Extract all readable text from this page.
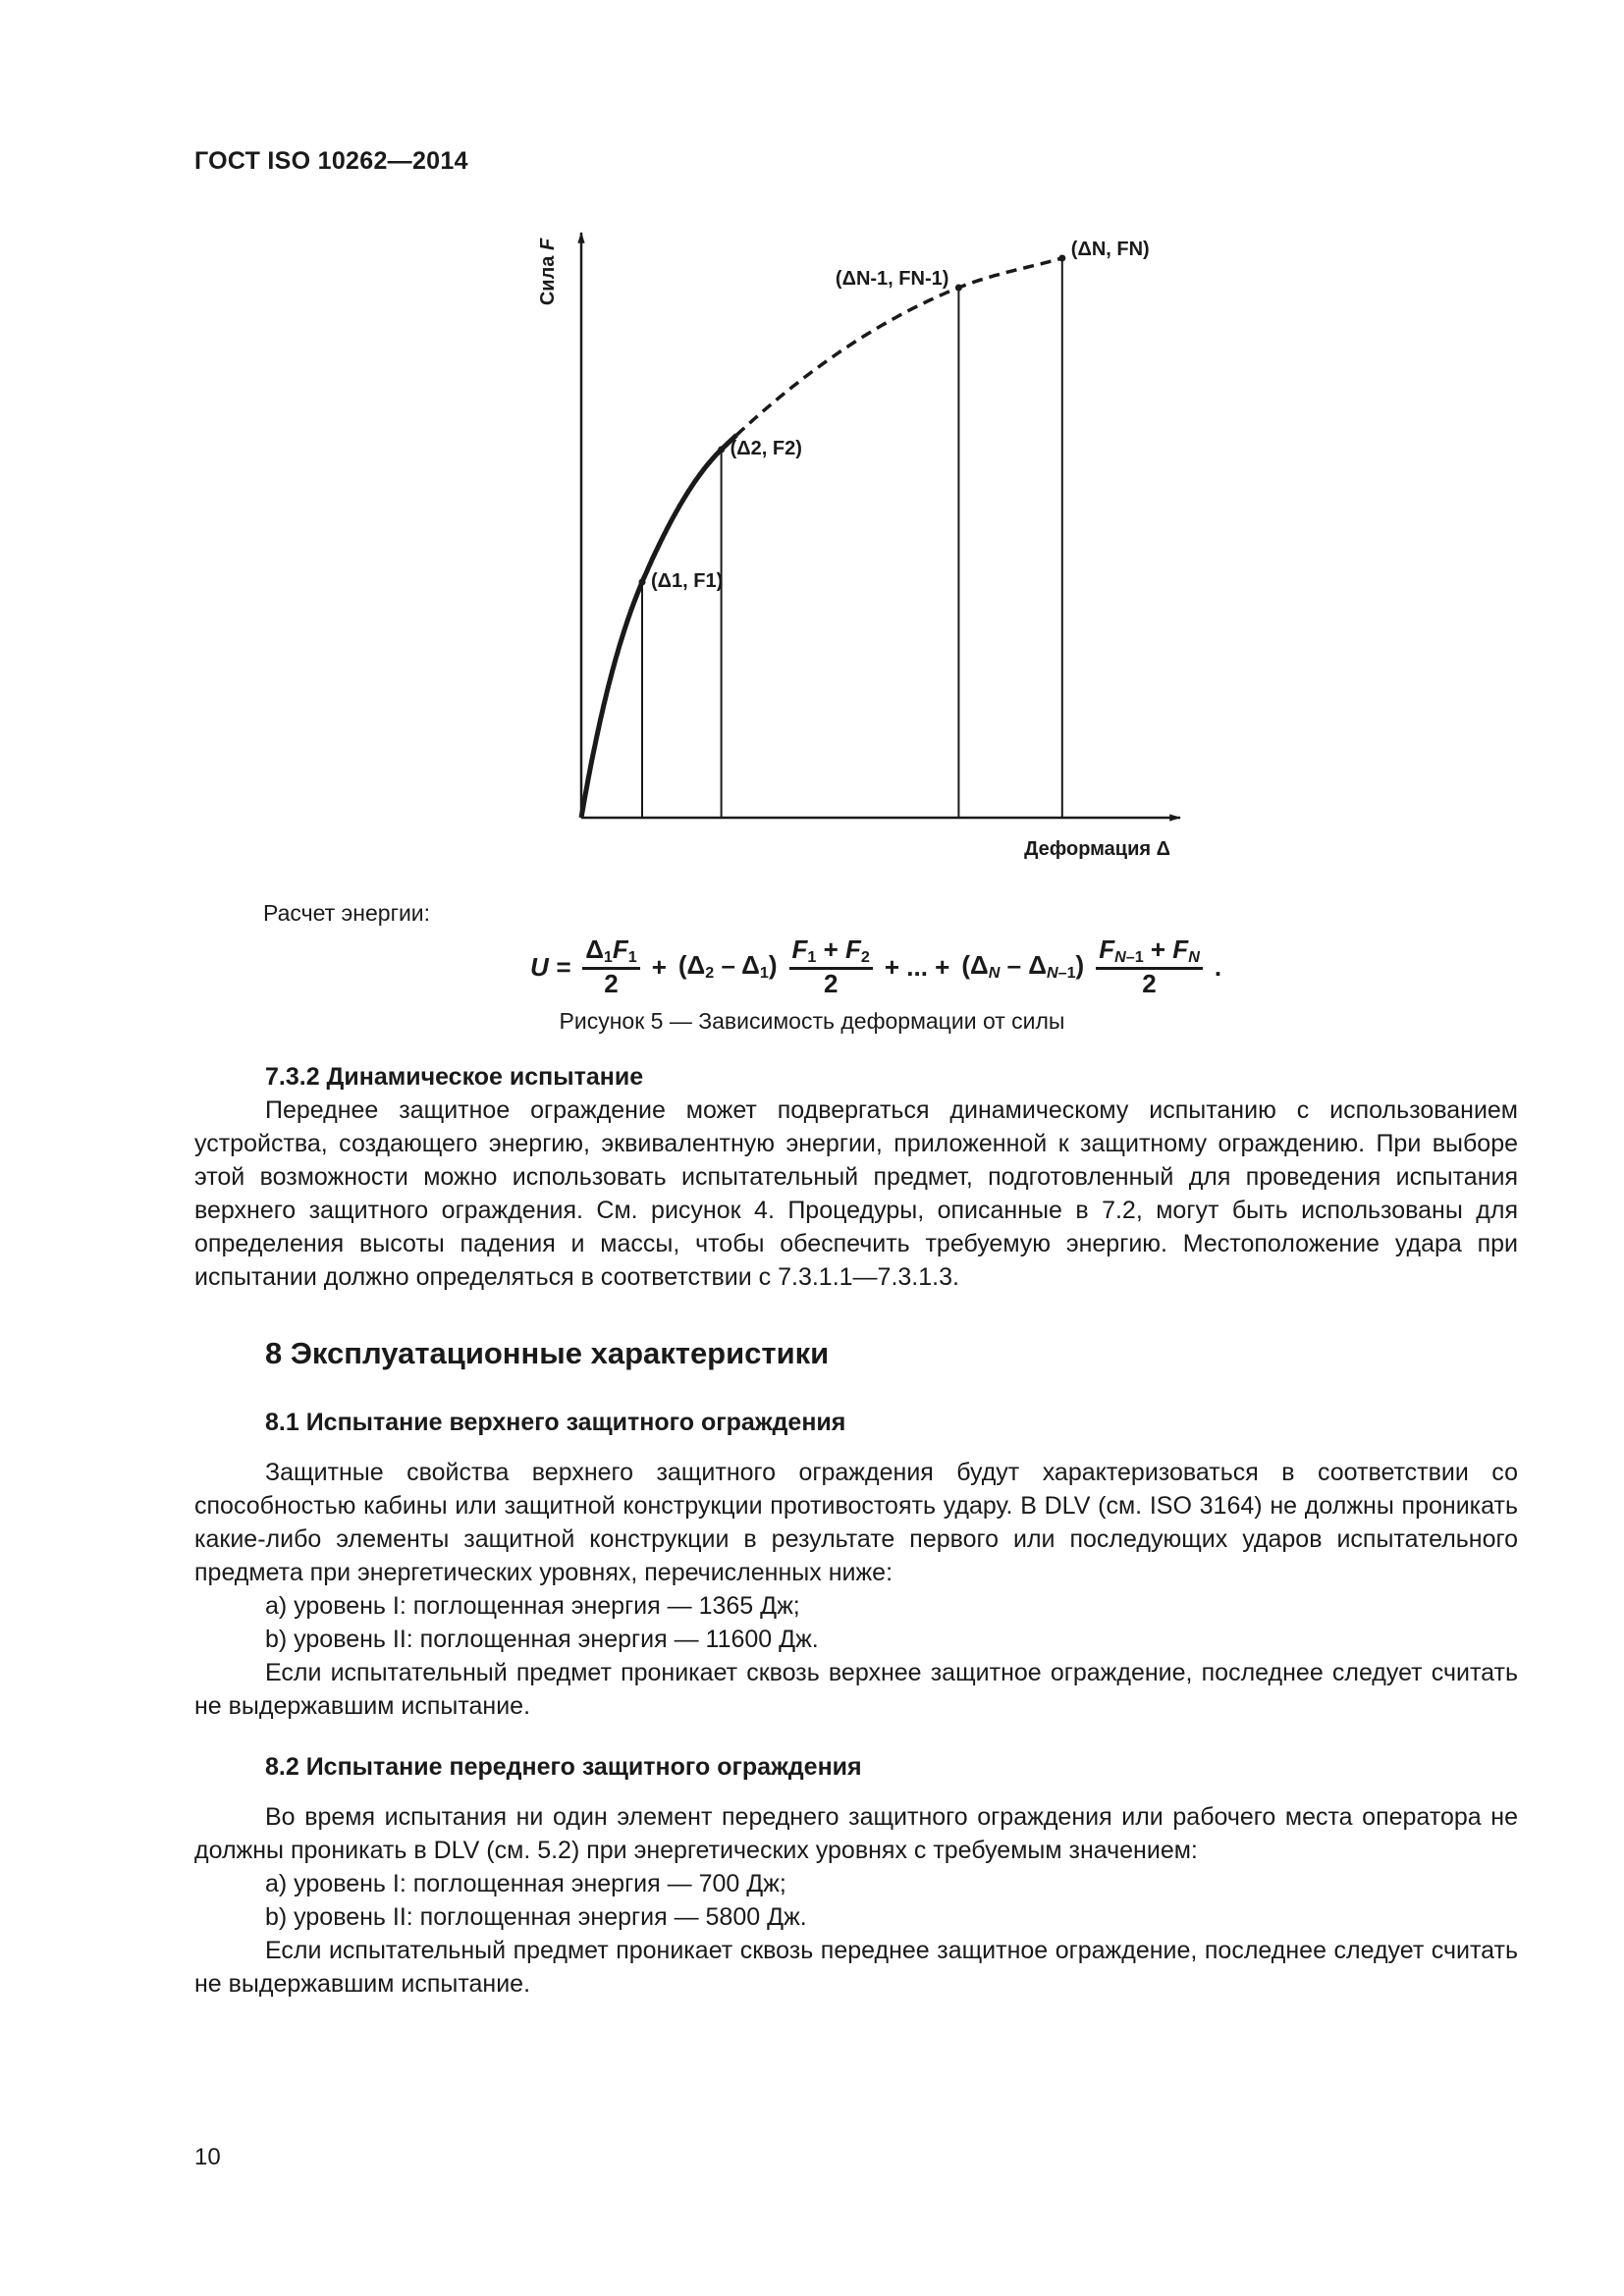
ГОСТ ISO 10262—2014
(Δ1, F1)
(Δ2, F2)
(ΔN-1, FN-1)
(ΔN, FN)
Сила F
Деформация Δ
Расчет энергии:
$U = \frac{\Delta_1F_1}{2} + (\Delta_2 - \Delta_1) \frac{F_1 + F_2}{2}$ + ... + $(\Delta_N - \Delta_{N-1}) \frac{F_{N-1} + F_N}{2}$ .
Рисунок 5 — Зависимость деформации от силы

7.3.2 Динамическое испытание

Переднее защитное ограждение может подвергаться динамическому испытанию с использованием устройства, создающего энергию, эквивалентную энергии, приложенной к защитному ограждению. При выборе этой возможности можно использовать испытательный предмет, подготовленный для проведения испытания верхнего защитного ограждения. См. рисунок 4. Процедуры, описанные в 7.2, могут быть использованы для определения высоты падения и массы, чтобы обеспечить требуемую энергию. Местоположение удара при испытании должно определяться в соответствии с 7.3.1.1—7.3.1.3.

8 Эксплуатационные характеристики

8.1 Испытание верхнего защитного ограждения

Защитные свойства верхнего защитного ограждения будут характеризоваться в соответствии со способностью кабины или защитной конструкции противостоять удару. В DLV (см. ISO 3164) не должны проникать какие-либо элементы защитной конструкции в результате первого или последующих ударов испытательного предмета при энергетических уровнях, перечисленных ниже:

а) уровень I: поглощенная энергия — 1365 Дж;

b) уровень II: поглощенная энергия — 11600 Дж.

Если испытательный предмет проникает сквозь верхнее защитное ограждение, последнее следует считать не выдержавшим испытание.

8.2 Испытание переднего защитного ограждения

Во время испытания ни один элемент переднего защитного ограждения или рабочего места оператора не должны проникать в DLV (см. 5.2) при энергетических уровнях с требуемым значением:

а) уровень I: поглощенная энергия — 700 Дж;

b) уровень II: поглощенная энергия — 5800 Дж.

Если испытательный предмет проникает сквозь переднее защитное ограждение, последнее следует считать не выдержавшим испытание.

10
